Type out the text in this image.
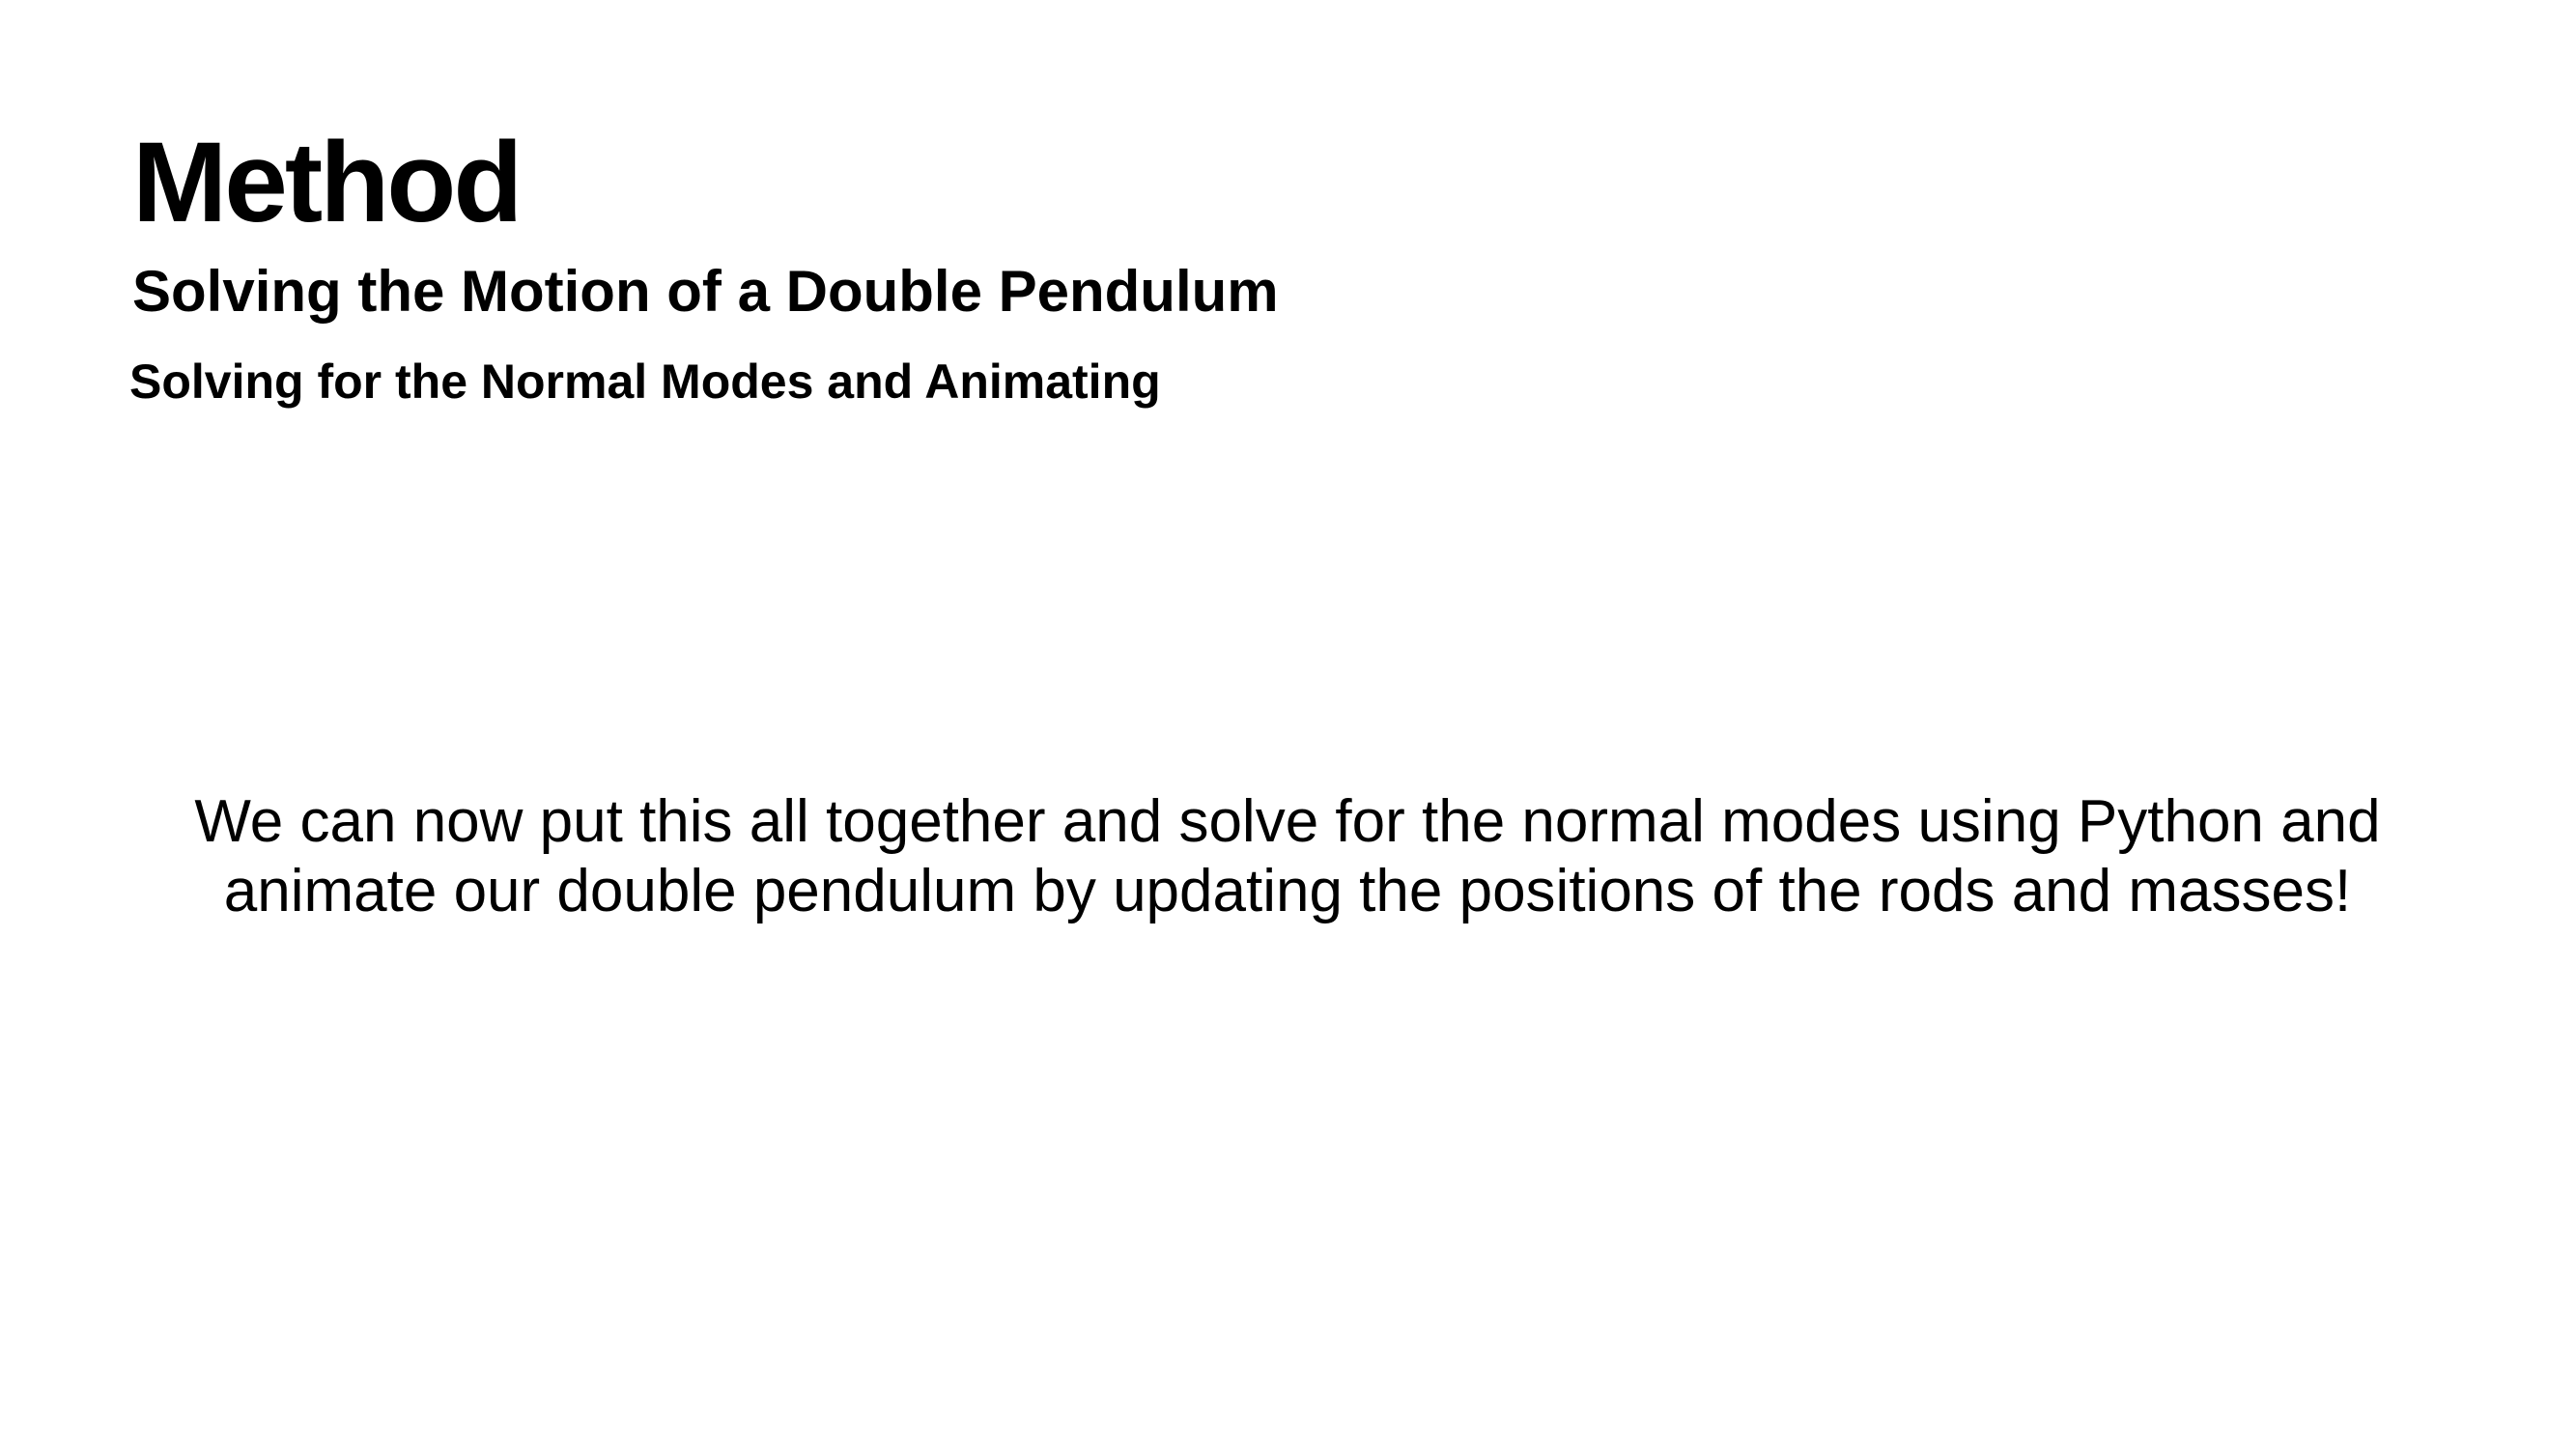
Method
Solving the Motion of a Double Pendulum
Solving for the Normal Modes and Animating

We can now put this all together and solve for the normal modes using Python and animate our double pendulum by updating the positions of the rods and masses!
